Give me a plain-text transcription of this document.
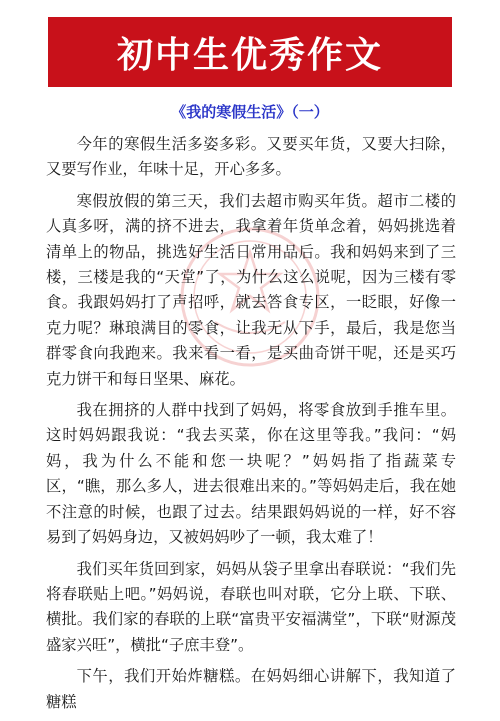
初中生优秀作文
《我的寒假生活》（一）

今年的寒假生活多姿多彩。又要买年货，又要大扫除，又要写作业，年味十足，开心多多。

寒假放假的第三天，我们去超市购买年货。超市二楼的人真多呀，满的挤不进去，我拿着年货单念着，妈妈挑选着清单上的物品，挑选好生活日常用品后。我和妈妈来到了三楼，三楼是我的“天堂”了，为什么这么说呢，因为三楼有零食。我跟妈妈打了声招呼，就去答食专区，一眨眼，好像一克力呢？琳琅满目的零食，让我无从下手，最后，我是您当群零食向我跑来。我来看一看，是买曲奇饼干呢，还是买巧克力饼干和每日坚果、麻花。

我在拥挤的人群中找到了妈妈，将零食放到手推车里。这时妈妈跟我说：“我去买菜，你在这里等我。”我问：“妈妈，我为什么不能和您一块呢？”妈妈指了指蔬菜专区，“瞧，那么多人，进去很难出来的。”等妈妈走后，我在她不注意的时候，也跟了过去。结果跟妈妈说的一样，好不容易到了妈妈身边，又被妈妈吵了一顿，我太难了！

我们买年货回到家，妈妈从袋子里拿出春联说：“我们先将春联贴上吧。”妈妈说，春联也叫对联，它分上联、下联、横批。我们家的春联的上联“富贵平安福满堂”，下联“财源茂盛家兴旺”，横批“子庶丰登”。

下午，我们开始炸糖糕。在妈妈细心讲解下，我知道了糖糕
